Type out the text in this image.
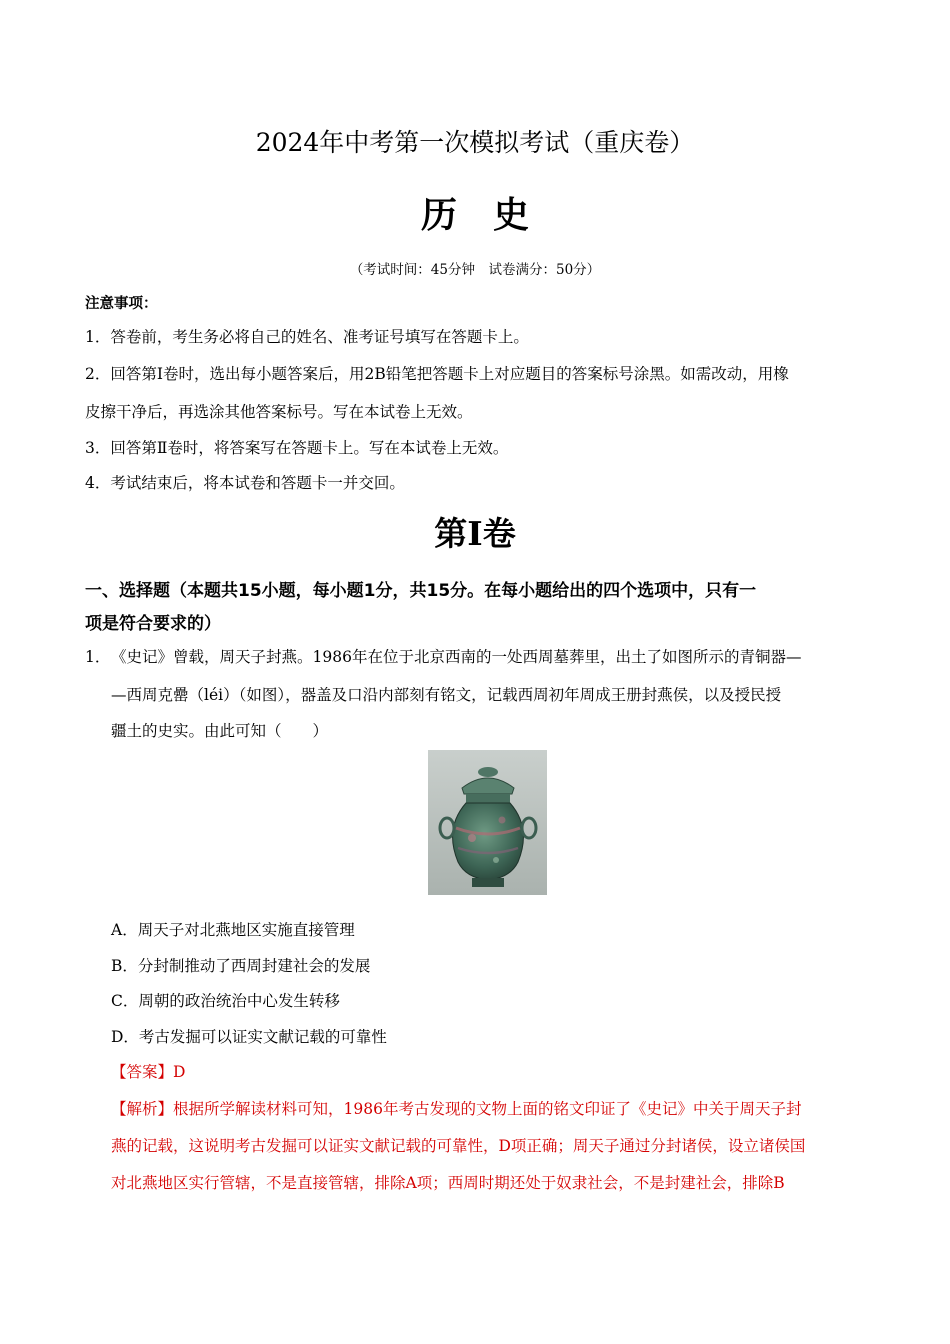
2024年中考第一次模拟考试（重庆卷）
历史
（考试时间：45分钟　试卷满分：50分）
注意事项：
1．答卷前，考生务必将自己的姓名、准考证号填写在答题卡上。
2．回答第Ⅰ卷时，选出每小题答案后，用2B铅笔把答题卡上对应题目的答案标号涂黑。如需改动，用橡
皮擦干净后，再选涂其他答案标号。写在本试卷上无效。
3．回答第Ⅱ卷时，将答案写在答题卡上。写在本试卷上无效。
4．考试结束后，将本试卷和答题卡一并交回。
第Ⅰ卷
一、选择题（本题共15小题，每小题1分，共15分。在每小题给出的四个选项中，只有一
项是符合要求的）
1． 《史记》曾载，周天子封燕。1986年在位于北京西南的一处西周墓葬里，出土了如图所示的青铜器—
—西周克罍（léi）（如图），器盖及口沿内部刻有铭文，记载西周初年周成王册封燕侯，以及授民授
疆土的史实。由此可知（　　）
A．周天子对北燕地区实施直接管理
B．分封制推动了西周封建社会的发展
C．周朝的政治统治中心发生转移
D．考古发掘可以证实文献记载的可靠性
【答案】D
【解析】根据所学解读材料可知，1986年考古发现的文物上面的铭文印证了《史记》中关于周天子封
燕的记载，这说明考古发掘可以证实文献记载的可靠性，D项正确；周天子通过分封诸侯，设立诸侯国
对北燕地区实行管辖，不是直接管辖，排除A项；西周时期还处于奴隶社会，不是封建社会，排除B
